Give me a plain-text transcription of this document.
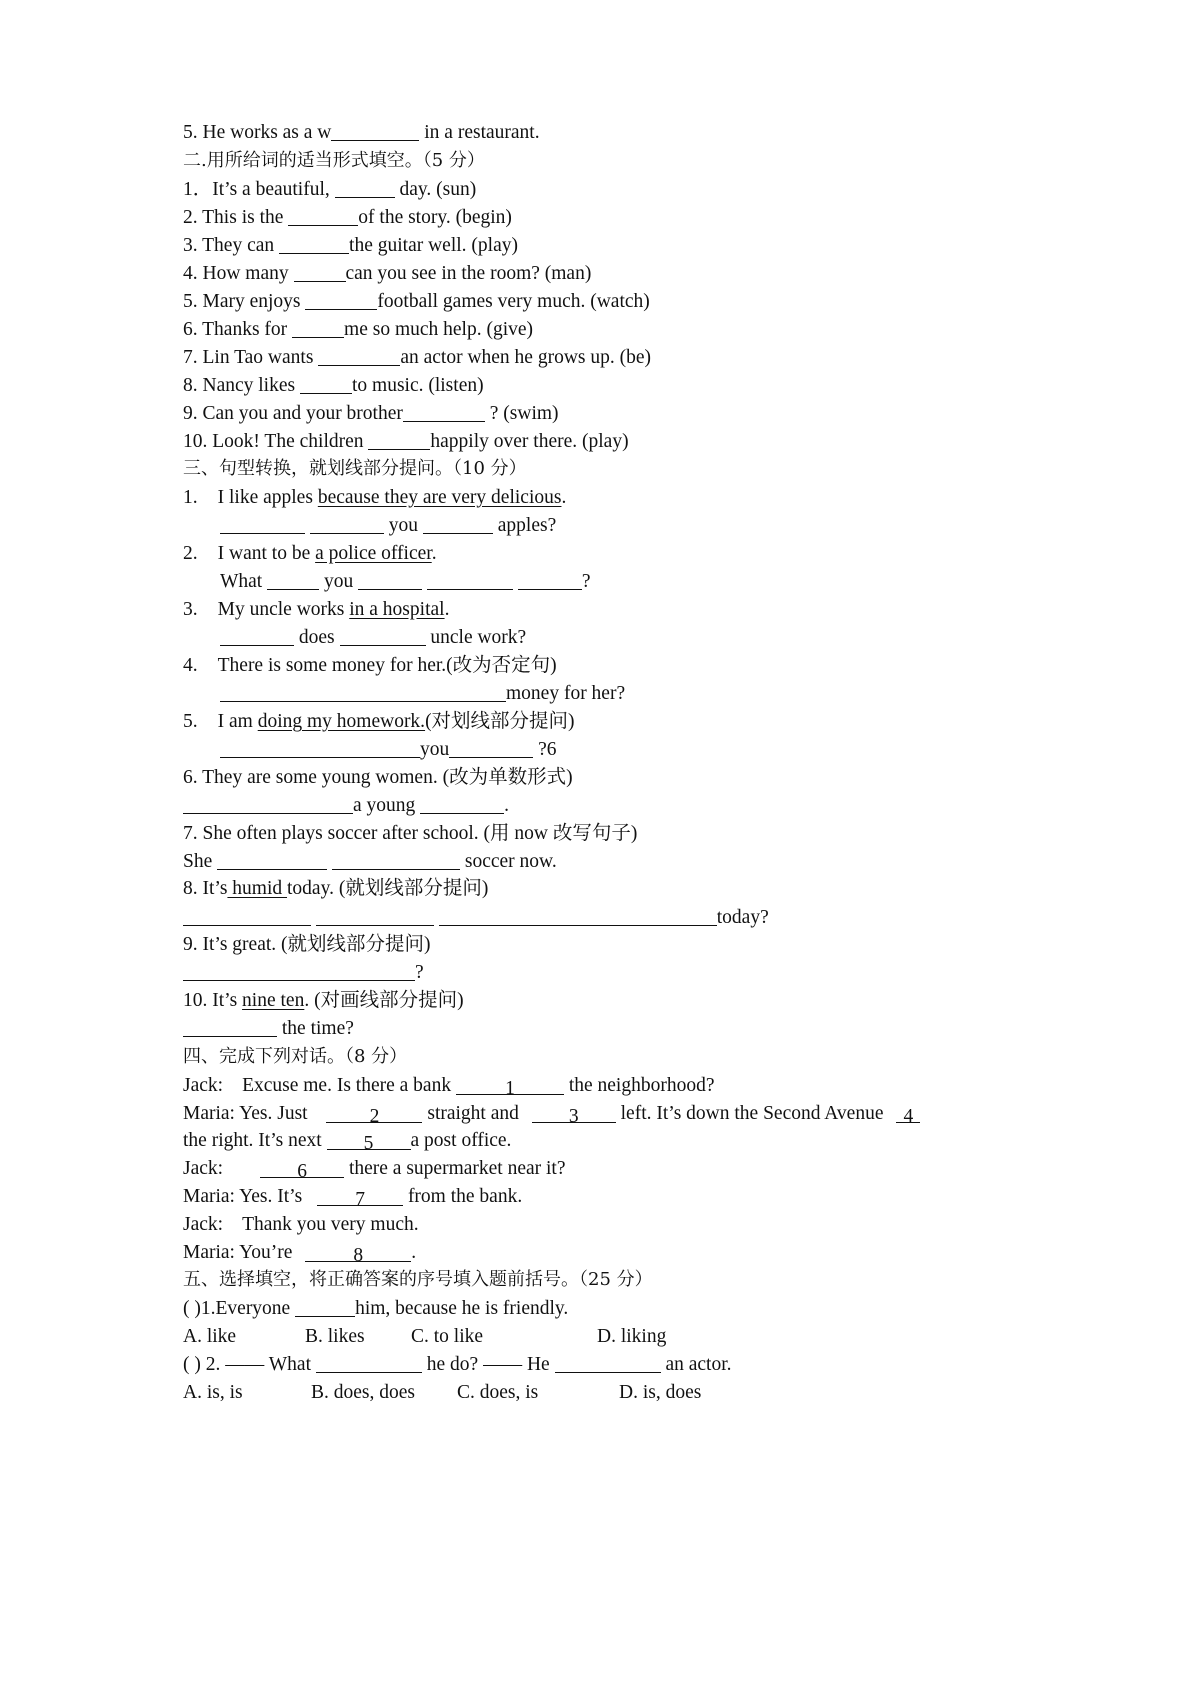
5. He works as a w	in a restaurant.
二.用所给词的适当形式填空。（5 分）
1．It’s a beautiful,	day. (sun)
2. This is the	of the story. (begin)
3. They can	the guitar well. (play)
4. How many	can you see in the room? (man)
5. Mary enjoys	football games very much. (watch)
6. Thanks for	me so much help. (give)
7. Lin Tao wants	an actor when he grows up. (be)
8. Nancy likes	to music. (listen)
9. Can you and your brother	? (swim)
10. Look! The children	happily over there. (play)
三、句型转换，就划线部分提问。（10 分）
1. I like apples because they are very delicious.
you	apples?
2. I want to be a police officer.
What	you	?
3. My uncle works in a hospital.
does	uncle work?
4. There is some money for her.(改为否定句)
money for her?
5. I am doing my homework.(对划线部分提问)
you	?6
6. They are some young women. (改为单数形式)
a young	.
7. She often plays soccer after school. (用 now 改写句子)
She	soccer now.
8. It’s humid today. (就划线部分提问)
today?
9. It’s great. (就划线部分提问)
?
10. It’s nine ten. (对画线部分提问)
the time?
四、完成下列对话。（8 分）
Jack: Excuse me. Is there a bank	1	the neighborhood?
Maria: Yes. Just	2 straight and 3 left. It’s down the Second Avenue 4
the right. It’s next 5 a post office.
Jack:	6 there a supermarket near it?
Maria: Yes. It’s 7 from the bank.
Jack: Thank you very much.
Maria: You’re	8 .
五、选择填空，将正确答案的序号填入题前括号。（25 分）
( )1.Everyone	him, because he is friendly.
A. like	B. likes C. to like	D. liking
( ) 2. —— What	he do? —— He	an actor.
A. is, is	B. does, does C. does, is	D. is, does
